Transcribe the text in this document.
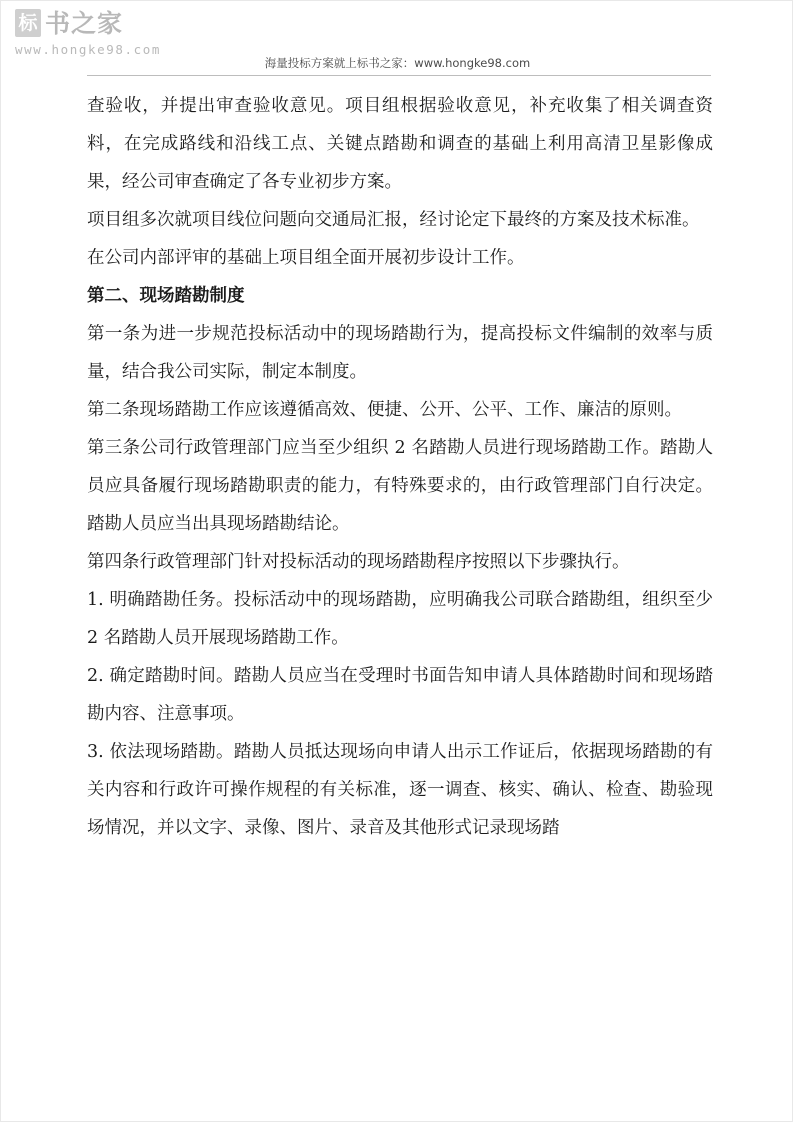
标 书之家
www.hongke98.com
海量投标方案就上标书之家：www.hongke98.com

查验收，并提出审查验收意见。项目组根据验收意见，补充收集了相关调查资料，在完成路线和沿线工点、关键点踏勘和调查的基础上利用高清卫星影像成果，经公司审查确定了各专业初步方案。

项目组多次就项目线位问题向交通局汇报，经讨论定下最终的方案及技术标准。

在公司内部评审的基础上项目组全面开展初步设计工作。

第二、现场踏勘制度

第一条为进一步规范投标活动中的现场踏勘行为，提高投标文件编制的效率与质量，结合我公司实际，制定本制度。

第二条现场踏勘工作应该遵循高效、便捷、公开、公平、工作、廉洁的原则。

第三条公司行政管理部门应当至少组织 2 名踏勘人员进行现场踏勘工作。踏勘人员应具备履行现场踏勘职责的能力，有特殊要求的，由行政管理部门自行决定。踏勘人员应当出具现场踏勘结论。

第四条行政管理部门针对投标活动的现场踏勘程序按照以下步骤执行。

1. 明确踏勘任务。投标活动中的现场踏勘，应明确我公司联合踏勘组，组织至少 2 名踏勘人员开展现场踏勘工作。

2. 确定踏勘时间。踏勘人员应当在受理时书面告知申请人具体踏勘时间和现场踏勘内容、注意事项。

3. 依法现场踏勘。踏勘人员抵达现场向申请人出示工作证后，依据现场踏勘的有关内容和行政许可操作规程的有关标准，逐一调查、核实、确认、检查、勘验现场情况，并以文字、录像、图片、录音及其他形式记录现场踏
